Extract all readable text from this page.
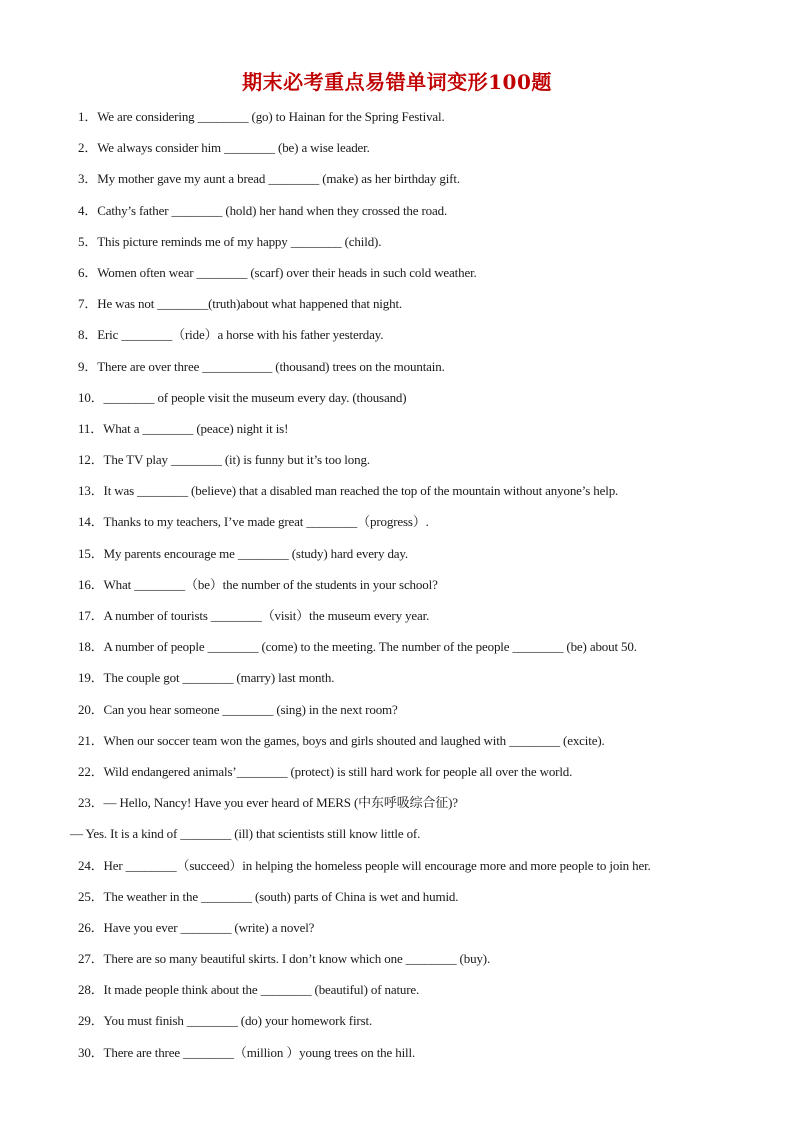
期末必考重点易错单词变形100题
1．We are considering ________ (go) to Hainan for the Spring Festival.
2．We always consider him ________ (be) a wise leader.
3．My mother gave my aunt a bread ________ (make) as her birthday gift.
4．Cathy’s father ________ (hold) her hand when they crossed the road.
5．This picture reminds me of my happy ________ (child).
6．Women often wear ________ (scarf) over their heads in such cold weather.
7．He was not ________(truth)about what happened that night.
8．Eric ________（ride）a horse with his father yesterday.
9．There are over three ___________ (thousand) trees on the mountain.
10．________ of people visit the museum every day. (thousand)
11．What a ________ (peace) night it is!
12．The TV play ________ (it) is funny but it’s too long.
13．It was ________ (believe) that a disabled man reached the top of the mountain without anyone’s help.
14．Thanks to my teachers, I’ve made great ________（progress）.
15．My parents encourage me ________ (study) hard every day.
16．What ________（be）the number of the students in your school?
17．A number of tourists ________（visit）the museum every year.
18．A number of people ________ (come) to the meeting. The number of the people ________ (be) about 50.
19．The couple got ________ (marry) last month.
20．Can you hear someone ________ (sing) in the next room?
21．When our soccer team won the games, boys and girls shouted and laughed with ________ (excite).
22．Wild endangered animals’________ (protect) is still hard work for people all over the world.
23．— Hello, Nancy! Have you ever heard of MERS (中东呼吸综合征)?
— Yes. It is a kind of ________ (ill) that scientists still know little of.
24．Her ________（succeed）in helping the homeless people will encourage more and more people to join her.
25．The weather in the ________ (south) parts of China is wet and humid.
26．Have you ever ________ (write) a novel?
27．There are so many beautiful skirts. I don’t know which one ________ (buy).
28．It made people think about the ________ (beautiful) of nature.
29．You must finish ________ (do) your homework first.
30．There are three ________（million ）young trees on the hill.
